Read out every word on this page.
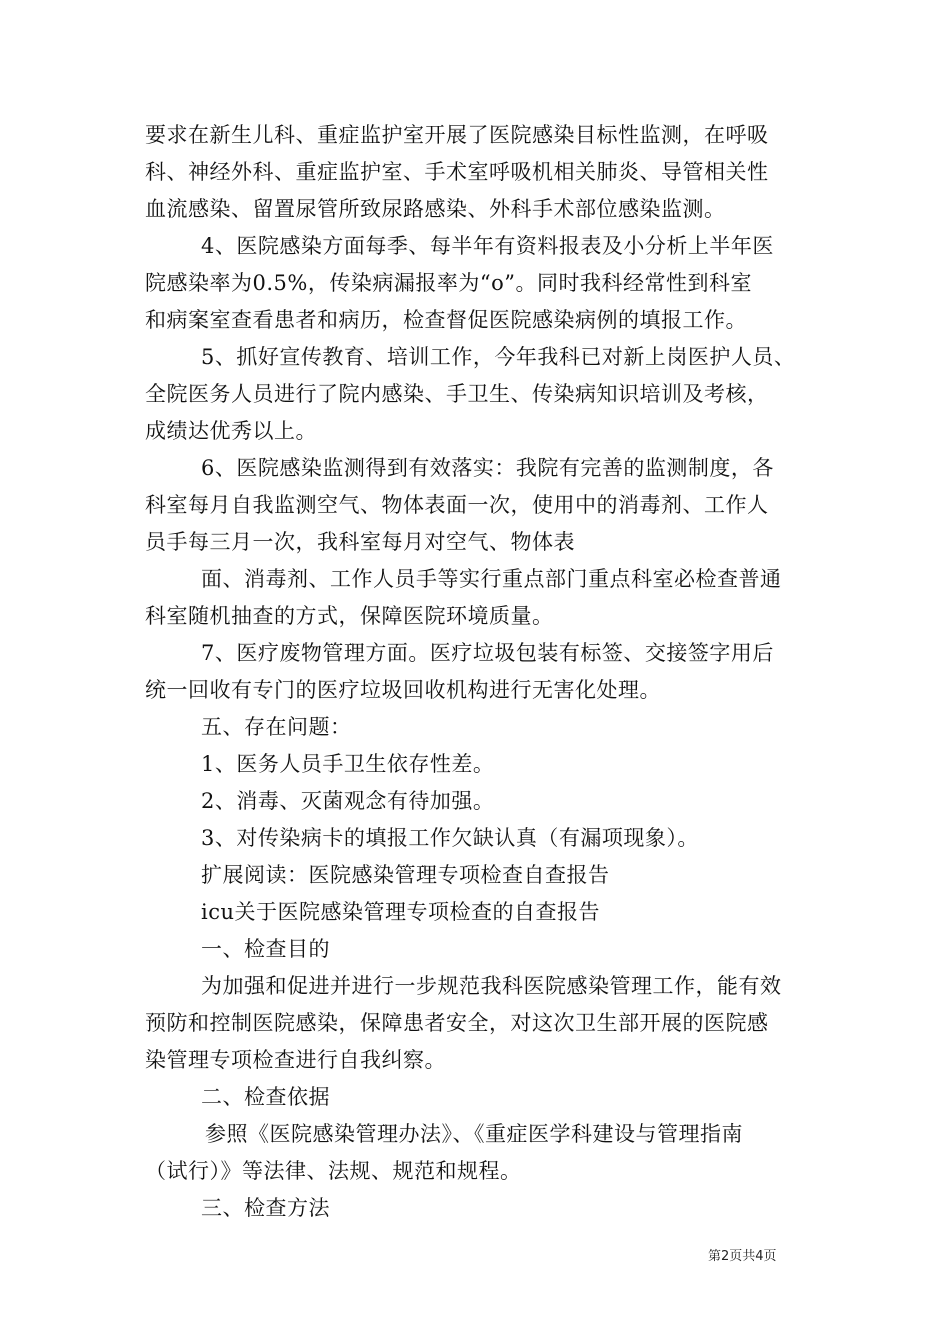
要求在新生儿科、重症监护室开展了医院感染目标性监测，在呼吸
科、神经外科、重症监护室、手术室呼吸机相关肺炎、导管相关性
血流感染、留置尿管所致尿路感染、外科手术部位感染监测。
4、医院感染方面每季、每半年有资料报表及小分析上半年医
院感染率为0.5%，传染病漏报率为“o”。同时我科经常性到科室
和病案室查看患者和病历，检查督促医院感染病例的填报工作。
5、抓好宣传教育、培训工作，今年我科已对新上岗医护人员、
全院医务人员进行了院内感染、手卫生、传染病知识培训及考核，
成绩达优秀以上。
6、医院感染监测得到有效落实：我院有完善的监测制度，各
科室每月自我监测空气、物体表面一次，使用中的消毒剂、工作人
员手每三月一次，我科室每月对空气、物体表
面、消毒剂、工作人员手等实行重点部门重点科室必检查普通
科室随机抽查的方式，保障医院环境质量。
7、医疗废物管理方面。医疗垃圾包装有标签、交接签字用后
统一回收有专门的医疗垃圾回收机构进行无害化处理。
五、存在问题：
1、医务人员手卫生依存性差。
2、消毒、灭菌观念有待加强。
3、对传染病卡的填报工作欠缺认真（有漏项现象）。
扩展阅读：医院感染管理专项检查自查报告
icu关于医院感染管理专项检查的自查报告
一、检查目的
为加强和促进并进行一步规范我科医院感染管理工作，能有效
预防和控制医院感染，保障患者安全，对这次卫生部开展的医院感
染管理专项检查进行自我纠察。
二、检查依据
参照《医院感染管理办法》、《重症医学科建设与管理指南
（试行）》等法律、法规、规范和规程。
三、检查方法
第2页共4页
